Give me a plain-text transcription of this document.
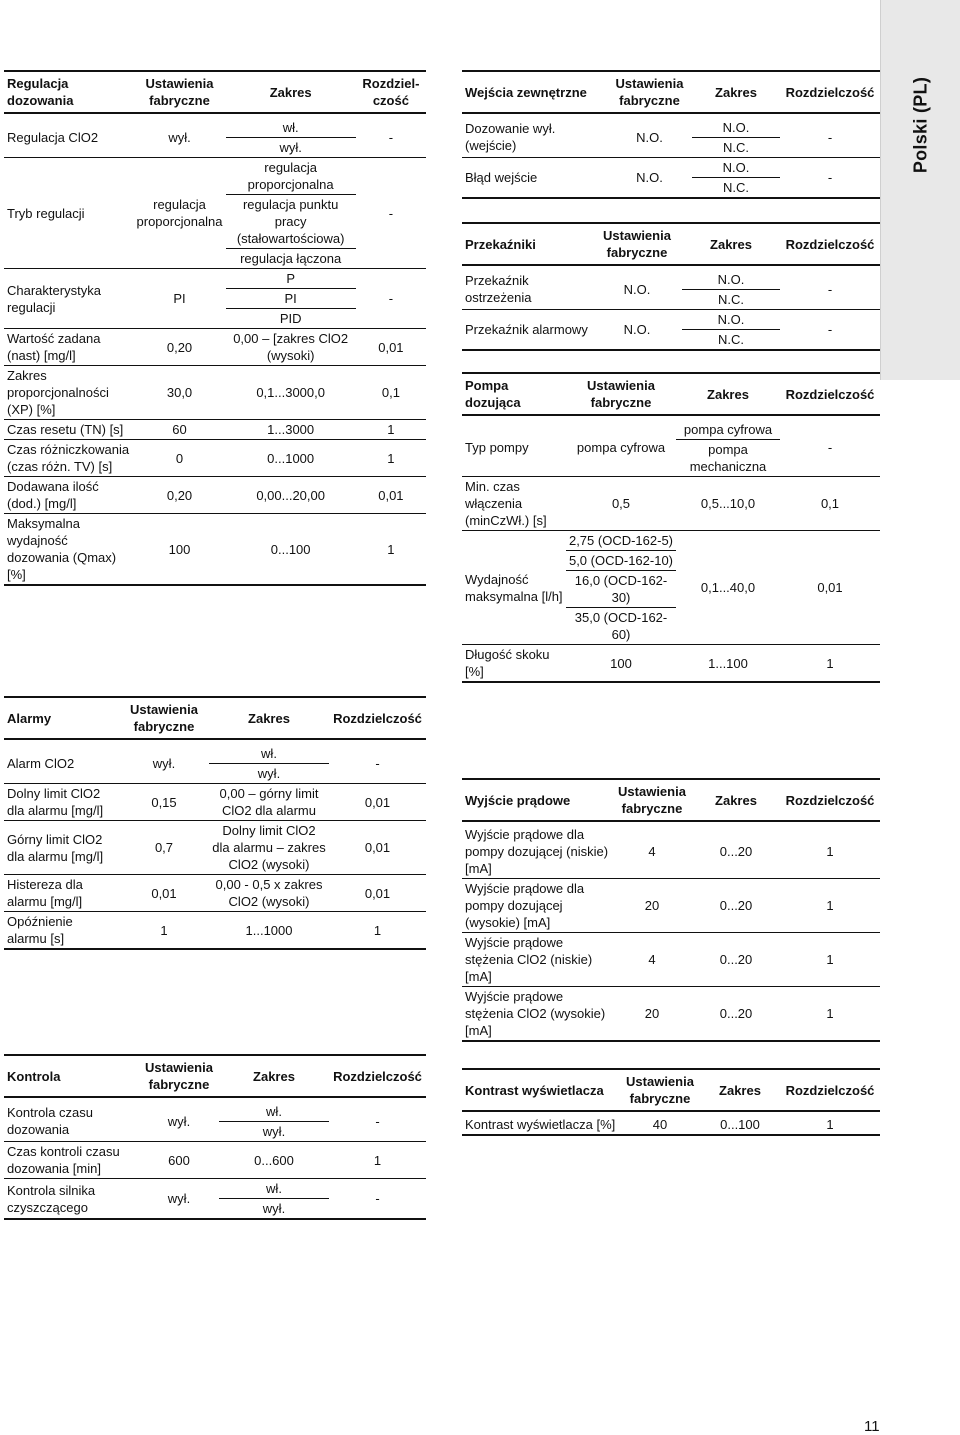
Polski (PL)
Regulacja dozowania	Ustawienia fabryczne	Zakres	Rozdziel-czość
Regulacja ClO2	wył.	wł.
wył.	-
Tryb regulacji	regulacja proporcjonalna	regulacja proporcjonalna
regulacja punktu pracy (stałowartościowa)
regulacja łączona	-
Charakterystyka regulacji	PI	P
PI
PID	-
Wartość zadana (nast) [mg/l]	0,20	0,00 – [zakres ClO2 (wysoki)	0,01
Zakres proporcjonalności (XP) [%]	30,0	0,1...3000,0	0,1
Czas resetu (TN) [s]	60	1...3000	1
Czas różniczkowania (czas różn. TV) [s]	0	0...1000	1
Dodawana ilość (dod.) [mg/l]	0,20	0,00...20,00	0,01
Maksymalna wydajność dozowania (Qmax) [%]	100	0...100	1
Alarmy	Ustawienia fabryczne	Zakres	Rozdzielczość
Alarm ClO2	wył.	wł.
wył.	-
Dolny limit ClO2 dla alarmu [mg/l]	0,15	0,00 – górny limit ClO2 dla alarmu	0,01
Górny limit ClO2 dla alarmu [mg/l]	0,7	Dolny limit ClO2 dla alarmu – zakres ClO2 (wysoki)	0,01
Histereza dla alarmu [mg/l]	0,01	0,00 - 0,5 x zakres ClO2 (wysoki)	0,01
Opóźnienie alarmu [s]	1	1...1000	1
Kontrola	Ustawienia fabryczne	Zakres	Rozdzielczość
Kontrola czasu dozowania	wył.	wł.
wył.	-
Czas kontroli czasu dozowania [min]	600	0...600	1
Kontrola silnika czyszczącego	wył.	wł.
wył.	-
Wejścia zewnętrzne	Ustawienia fabryczne	Zakres	Rozdzielczość
Dozowanie wył. (wejście)	N.O.	N.O.
N.C.	-
Błąd wejście	N.O.	N.O.
N.C.	-
Przekaźniki	Ustawienia fabryczne	Zakres	Rozdzielczość
Przekaźnik ostrzeżenia	N.O.	N.O.
N.C.	-
Przekaźnik alarmowy	N.O.	N.O.
N.C.	-
Pompa dozująca	Ustawienia fabryczne	Zakres	Rozdzielczość
Typ pompy	pompa cyfrowa	pompa cyfrowa
pompa mechaniczna	-
Min. czas włączenia (minCzWł.) [s]	0,5	0,5...10,0	0,1
Wydajność maksymalna [l/h]	2,75 (OCD-162-5)
5,0 (OCD-162-10)
16,0 (OCD-162-30)
35,0 (OCD-162-60)	0,1...40,0	0,01
Długość skoku [%]	100	1...100	1
Wyjście prądowe	Ustawienia fabryczne	Zakres	Rozdzielczość
Wyjście prądowe dla pompy dozującej (niskie) [mA]	4	0...20	1
Wyjście prądowe dla pompy dozującej (wysokie) [mA]	20	0...20	1
Wyjście prądowe stężenia ClO2 (niskie) [mA]	4	0...20	1
Wyjście prądowe stężenia ClO2 (wysokie) [mA]	20	0...20	1
Kontrast wyświetlacza	Ustawienia fabryczne	Zakres	Rozdzielczość
Kontrast wyświetlacza [%]	40	0...100	1
11
